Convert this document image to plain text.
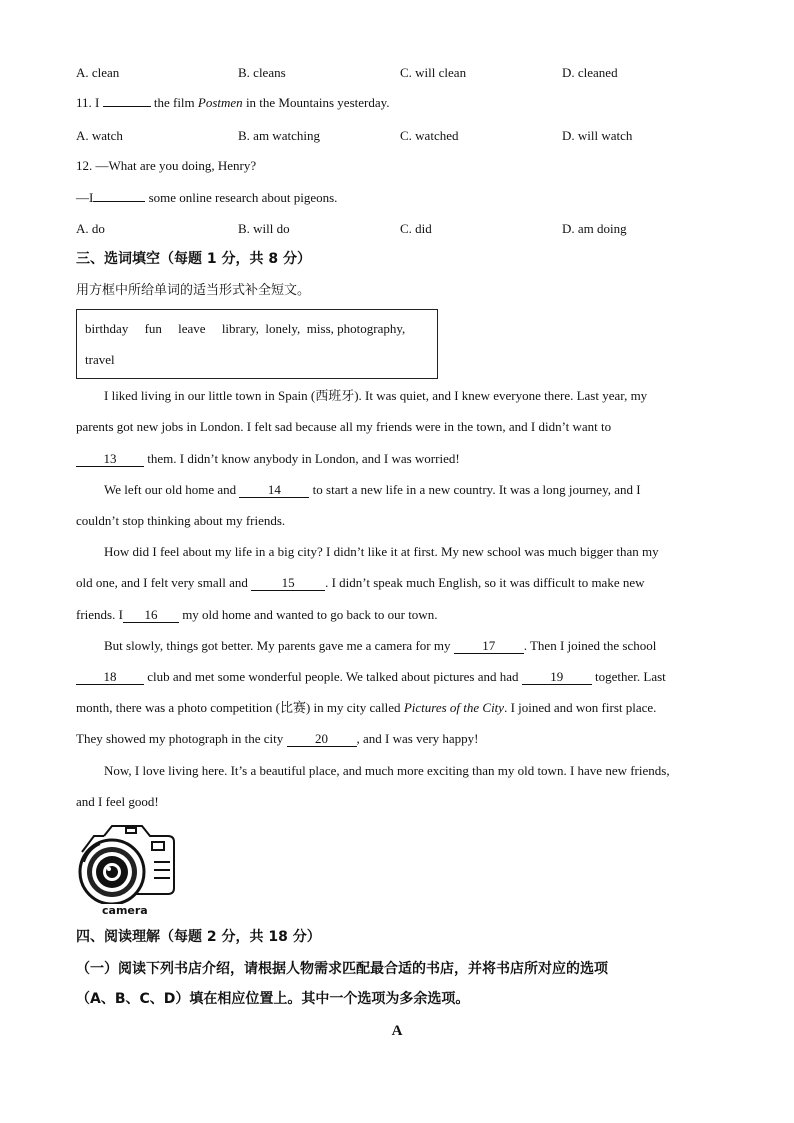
A. clean	B. cleans	C. will clean	D. cleaned
11. I	the film Postmen in the Mountains yesterday.
A. watch	B. am watching	C. watched	D. will watch
12. —What are you doing, Henry?
—I	some online research about pigeons.
A. do	B. will do	C. did	D. am doing
三、选词填空（每题 1 分，共 8 分）
用方框中所给单词的适当形式补全短文。
birthday     fun     leave     library,  lonely,  miss, photography,
travel
I liked living in our little town in Spain (西班牙). It was quiet, and I knew everyone there. Last year, my
parents got new jobs in London. I felt sad because all my friends were in the town, and I didn’t want to
13 them. I didn’t know anybody in London, and I was worried!
We left our old home and 14 to start a new life in a new country. It was a long journey, and I
couldn’t stop thinking about my friends.
How did I feel about my life in a big city? I didn’t like it at first. My new school was much bigger than my
old one, and I felt very small and 15 . I didn’t speak much English, so it was difficult to make new
friends. I 16 my old home and wanted to go back to our town.
But slowly, things got better. My parents gave me a camera for my 17 . Then I joined the school
18 club and met some wonderful people. We talked about pictures and had 19 together. Last
month, there was a photo competition (比赛) in my city called Pictures of the City. I joined and won first place.
They showed my photograph in the city 20 , and I was very happy!
Now, I love living here. It’s a beautiful place, and much more exciting than my old town. I have new friends,
and I feel good!
camera
四、阅读理解（每题 2 分，共 18 分）
（一）阅读下列书店介绍，请根据人物需求匹配最合适的书店，并将书店所对应的选项
（A、B、C、D）填在相应位置上。其中一个选项为多余选项。
A
